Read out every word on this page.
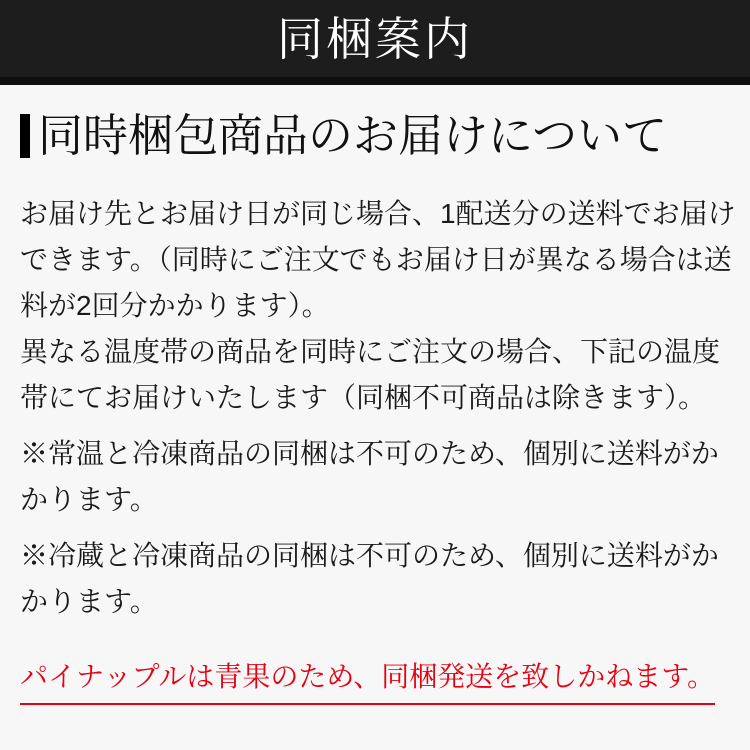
同梱案内
同時梱包商品のお届けについて
お届け先とお届け日が同じ場合、1配送分の送料でお届け
できます。（同時にご注文でもお届け日が異なる場合は送
料が2回分かかります）。
異なる温度帯の商品を同時にご注文の場合、下記の温度
帯にてお届けいたします（同梱不可商品は除きます）。
※常温と冷凍商品の同梱は不可のため、個別に送料がか
かります。
※冷蔵と冷凍商品の同梱は不可のため、個別に送料がか
かります。
パイナップルは青果のため、同梱発送を致しかねます。
